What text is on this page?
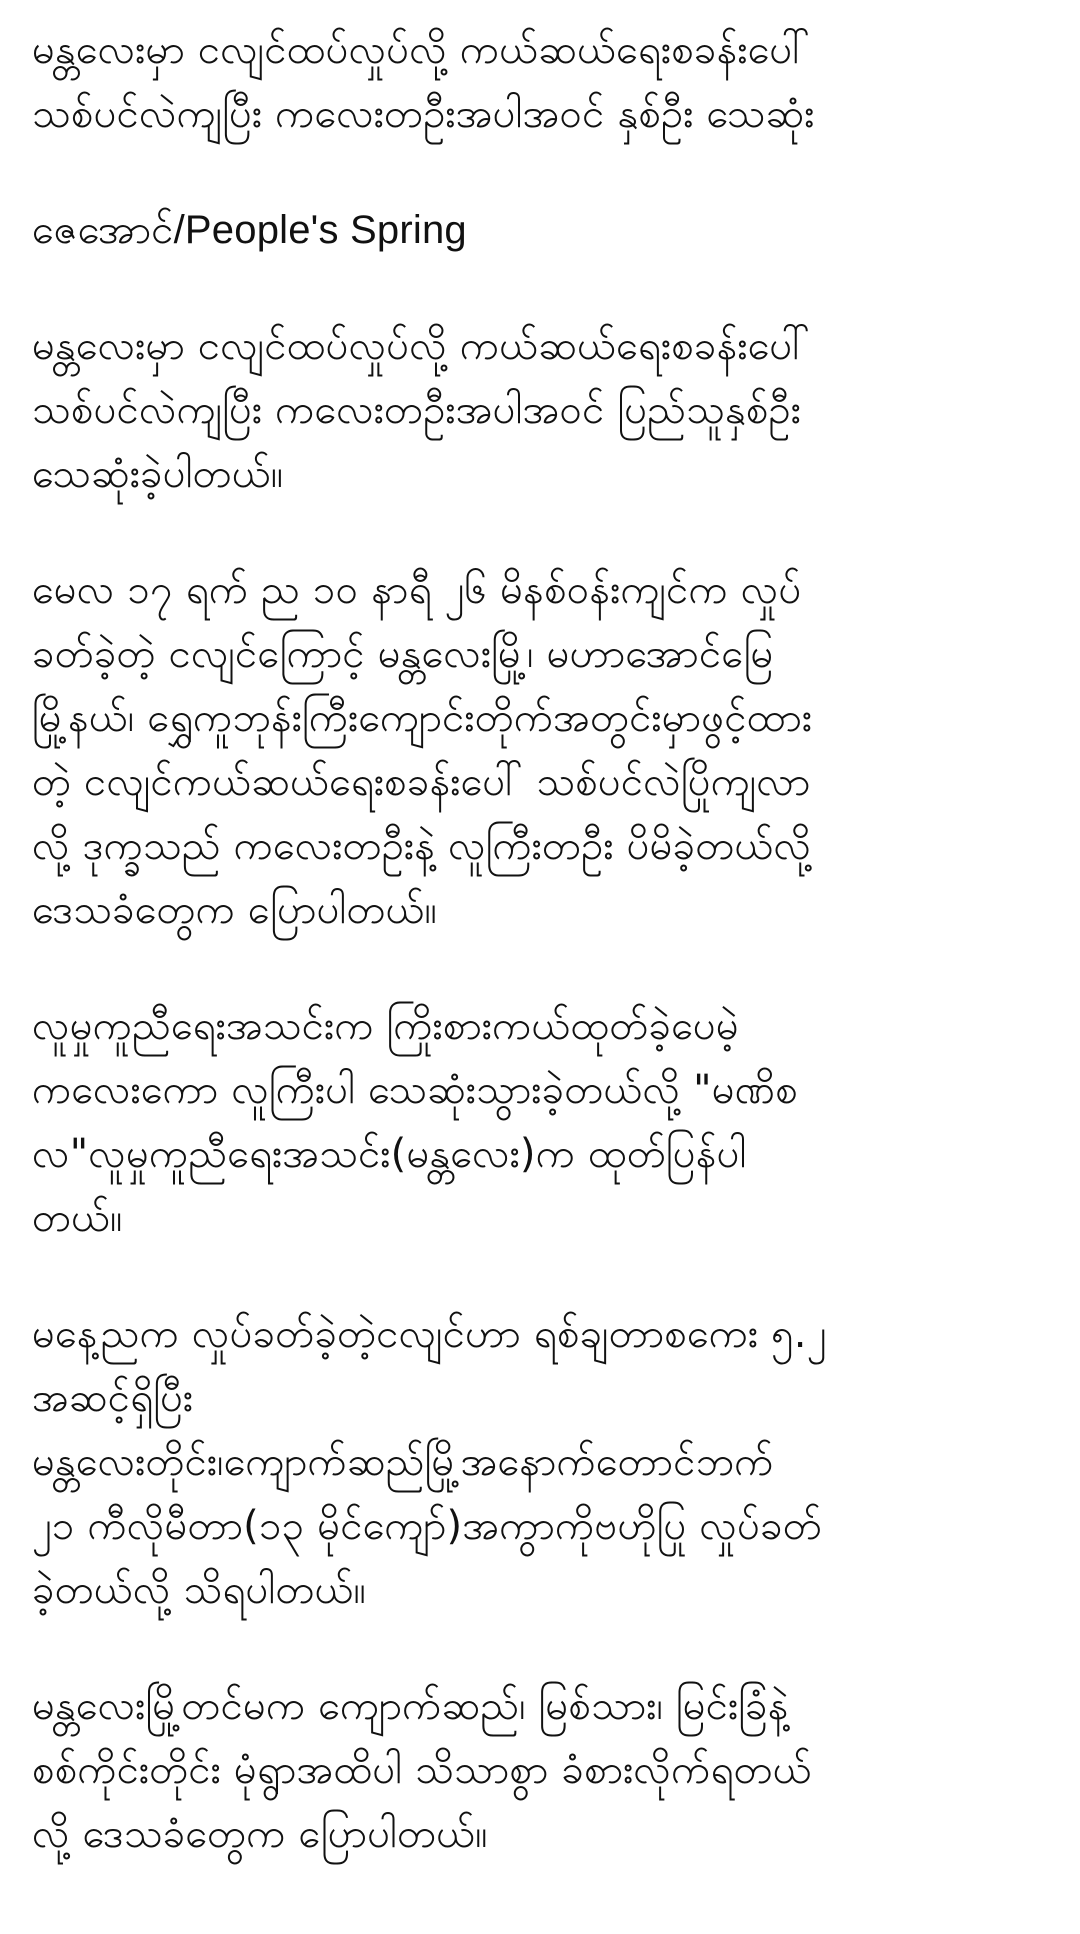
မန္တလေးမှာ ငလျင်ထပ်လှုပ်လို့ ကယ်ဆယ်ရေးစခန်းပေါ်
သစ်ပင်လဲကျပြီး ကလေးတဦးအပါအဝင် နှစ်ဦး သေဆုံး
ဇေအောင်/People's Spring
မန္တလေးမှာ ငလျင်ထပ်လှုပ်လို့ ကယ်ဆယ်ရေးစခန်းပေါ်
သစ်ပင်လဲကျပြီး ကလေးတဦးအပါအဝင် ပြည်သူနှစ်ဦး
သေဆုံးခဲ့ပါတယ်။
မေလ ၁၇ ရက် ည ၁၀ နာရီ ၂၆ မိနစ်ဝန်းကျင်က လှုပ်
ခတ်ခဲ့တဲ့ ငလျင်ကြောင့် မန္တလေးမြို့၊ မဟာအောင်မြေ
မြို့နယ်၊ ရွှေကူဘုန်းကြီးကျောင်းတိုက်အတွင်းမှာဖွင့်ထား
တဲ့ ငလျင်ကယ်ဆယ်ရေးစခန်းပေါ် သစ်ပင်လဲပြိုကျလာ
လို့ ဒုက္ခသည် ကလေးတဦးနဲ့ လူကြီးတဦး ပိမိခဲ့တယ်လို့
ဒေသခံတွေက ပြောပါတယ်။
လူမှုကူညီရေးအသင်းက ကြိုးစားကယ်ထုတ်ခဲ့ပေမဲ့
ကလေးကော လူကြီးပါ သေဆုံးသွားခဲ့တယ်လို့ "မဏိစ
လ"လူမှုကူညီရေးအသင်း(မန္တလေး)က ထုတ်ပြန်ပါ
တယ်။
မနေ့ညက လှုပ်ခတ်ခဲ့တဲ့ငလျင်ဟာ ရစ်ချတာစကေး ၅.၂
အဆင့်ရှိပြီး
မန္တလေးတိုင်း၊ကျောက်ဆည်မြို့အနောက်တောင်ဘက်
၂၁ ကီလိုမီတာ(၁၃ မိုင်ကျော်)အကွာကိုဗဟိုပြု လှုပ်ခတ်
ခဲ့တယ်လို့ သိရပါတယ်။
မန္တလေးမြို့တင်မက ကျောက်ဆည်၊ မြစ်သား၊ မြင်းခြံနဲ့
စစ်ကိုင်းတိုင်း မုံရွာအထိပါ သိသာစွာ ခံစားလိုက်ရတယ်
လို့ ဒေသခံတွေက ပြောပါတယ်။
